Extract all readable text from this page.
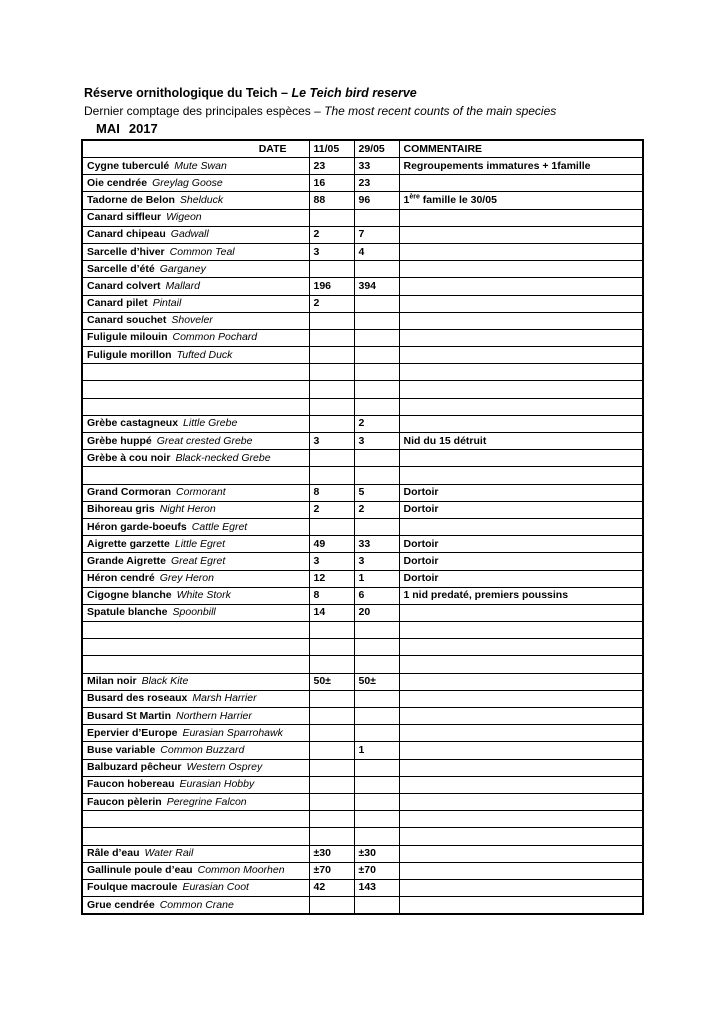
Réserve ornithologique du Teich – Le Teich bird reserve
Dernier comptage des principales espèces – The most recent counts of the main species
MAI 2017
DATE	11/05	29/05	COMMENTAIRE
Cygne tuberculé Mute Swan	23	33	Regroupements immatures + 1famille
Oie cendrée Greylag Goose	16	23	
Tadorne de Belon Shelduck	88	96	1ère famille le 30/05
Canard siffleur Wigeon			
Canard chipeau Gadwall	2	7	
Sarcelle d’hiver Common Teal	3	4	
Sarcelle d’été Garganey			
Canard colvert Mallard	196	394	
Canard pilet Pintail	2		
Canard souchet Shoveler			
Fuligule milouin Common Pochard			
Fuligule morillon Tufted Duck			

Grèbe castagneux Little Grebe		2	
Grèbe huppé Great crested Grebe	3	3	Nid du 15 détruit
Grèbe à cou noir Black-necked Grebe			

Grand Cormoran Cormorant	8	5	Dortoir
Bihoreau gris Night Heron	2	2	Dortoir
Héron garde-boeufs Cattle Egret			
Aigrette garzette Little Egret	49	33	Dortoir
Grande Aigrette Great Egret	3	3	Dortoir
Héron cendré Grey Heron	12	1	Dortoir
Cigogne blanche White Stork	8	6	1 nid predaté, premiers poussins
Spatule blanche Spoonbill	14	20	

Milan noir Black Kite	50±	50±	
Busard des roseaux Marsh Harrier			
Busard St Martin Northern Harrier			
Epervier d’Europe Eurasian Sparrohawk			
Buse variable Common Buzzard		1	
Balbuzard pêcheur Western Osprey			
Faucon hobereau Eurasian Hobby			
Faucon pèlerin Peregrine Falcon			

Râle d’eau Water Rail	±30	±30	
Gallinule poule d’eau Common Moorhen	±70	±70	
Foulque macroule Eurasian Coot	42	143	
Grue cendrée Common Crane			
